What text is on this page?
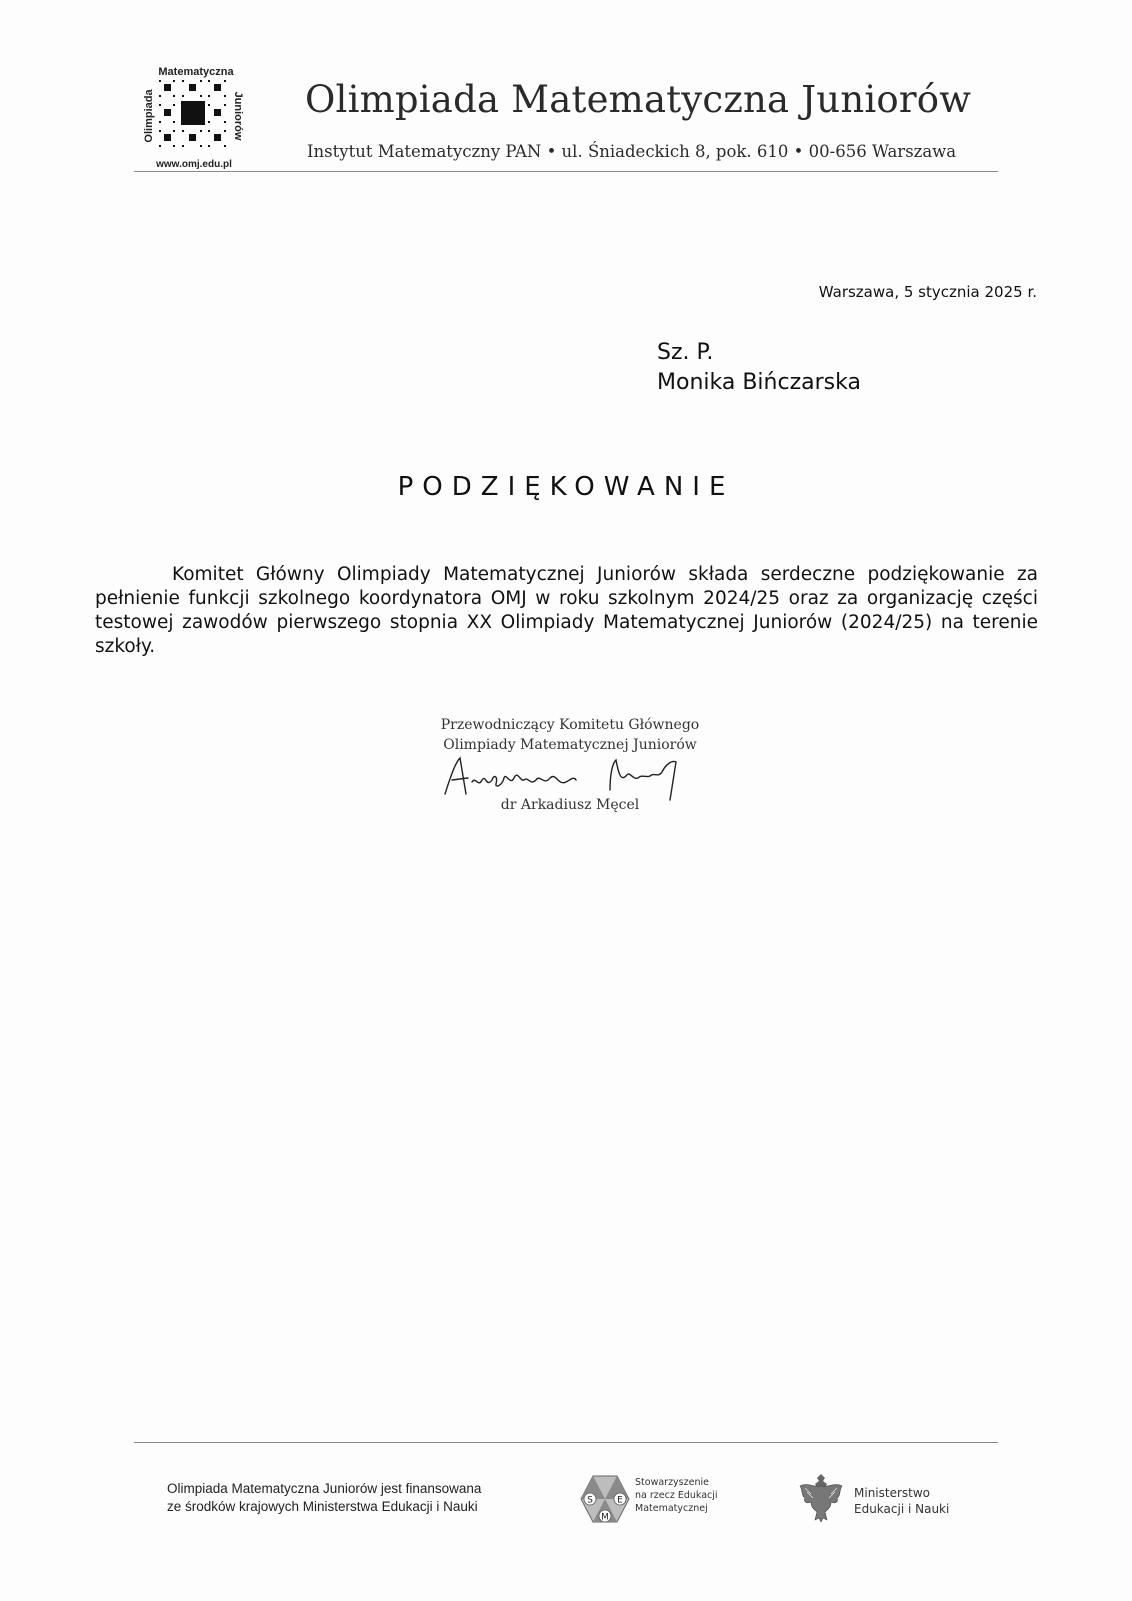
Matematyczna
Olimpiada	Juniorów
www.omj.edu.pl
Olimpiada Matematyczna Juniorów
Instytut Matematyczny PAN • ul. Śniadeckich 8, pok. 610 • 00-656 Warszawa
Warszawa, 5 stycznia 2025 r.
Sz. P.
Monika Bińczarska
PODZIĘKOWANIE

Komitet Główny Olimpiady Matematycznej Juniorów składa serdeczne podziękowanie za pełnienie funkcji szkolnego koordynatora OMJ w roku szkolnym 2024/25 oraz za organizację części testowej zawodów pierwszego stopnia XX Olimpiady Matematycznej Juniorów (2024/25) na terenie szkoły.

Przewodniczący Komitetu Głównego
Olimpiady Matematycznej Juniorów
dr Arkadiusz Męcel
Olimpiada Matematyczna Juniorów jest finansowana
ze środków krajowych Ministerstwa Edukacji i Nauki	S	E
M
Stowarzyszenie
na rzecz Edukacji
Matematycznej
Ministerstwo
Edukacji i Nauki
